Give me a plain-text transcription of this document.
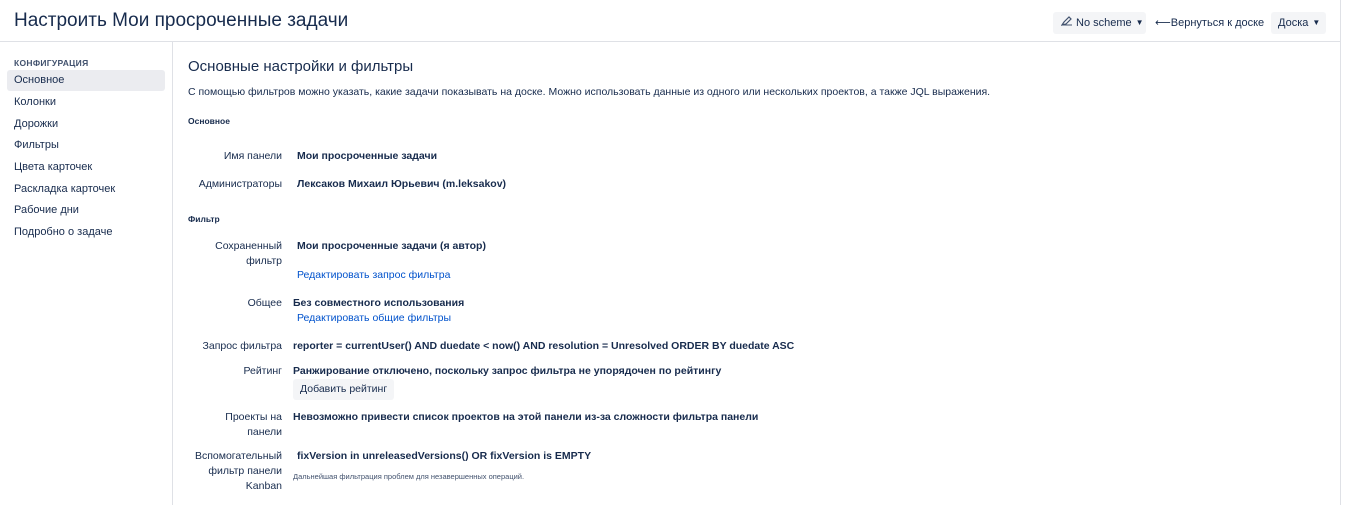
Настроить Мои просроченные задачи	No scheme ▼ ⟵Вернуться к доске	Доска ▼
КОНФИГУРАЦИЯ
Основное
Колонки
Дорожки
Фильтры
Цвета карточек
Раскладка карточек
Рабочие дни
Подробно о задаче
Основные настройки и фильтры
С помощью фильтров можно указать, какие задачи показывать на доске. Можно использовать данные из одного или нескольких проектов, а также JQL выражения.
Основное
Имя панели Мои просроченные задачи
Администраторы Лексаков Михаил Юрьевич (m.leksakov)
Фильтр
Сохраненный
фильтр
Мои просроченные задачи (я автор)
Редактировать запрос фильтра
Общее Без совместного использования
Редактировать общие фильтры
Запрос фильтра reporter = currentUser() AND duedate < now() AND resolution = Unresolved ORDER BY duedate ASC
Рейтинг Ранжирование отключено, поскольку запрос фильтра не упорядочен по рейтингу
Добавить рейтинг
Проекты на
панели
Невозможно привести список проектов на этой панели из-за сложности фильтра панели
Вспомогательный
фильтр панели
Kanban
fixVersion in unreleasedVersions() OR fixVersion is EMPTY
Дальнейшая фильтрация проблем для незавершенных операций.
